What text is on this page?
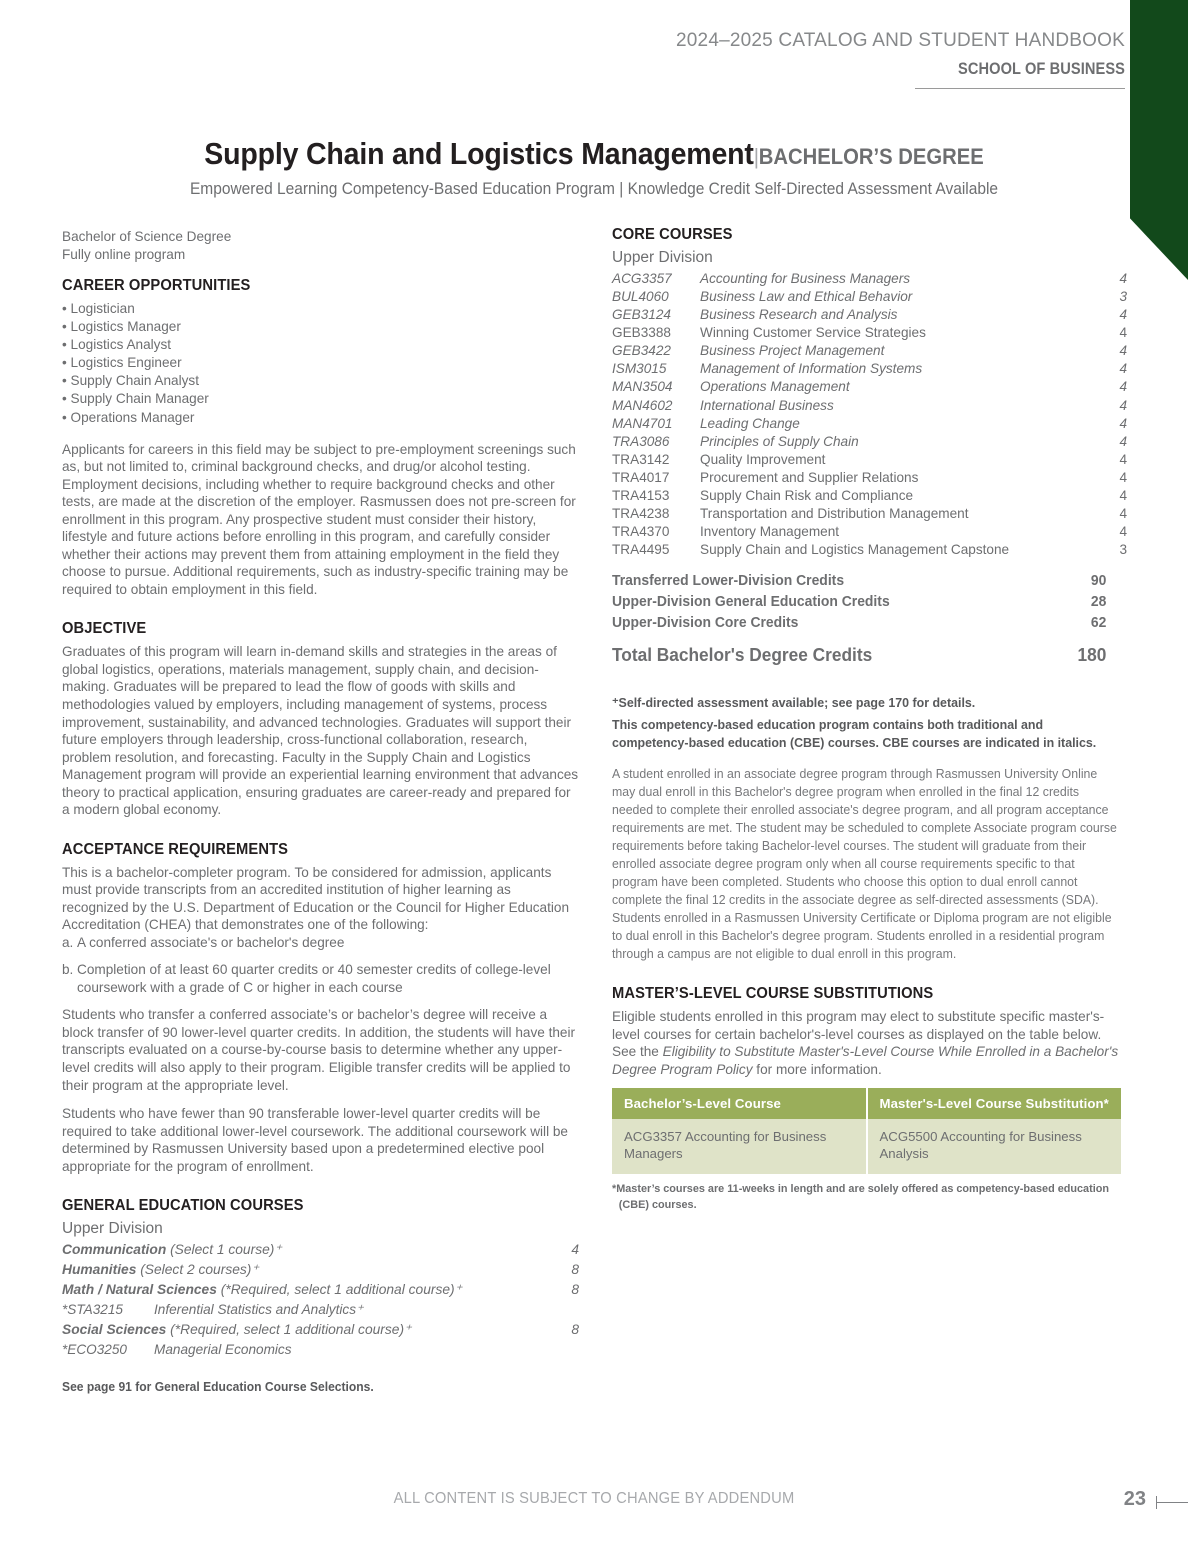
2024–2025 CATALOG AND STUDENT HANDBOOK
SCHOOL OF BUSINESS
Supply Chain and Logistics Management|BACHELOR’S DEGREE
Empowered Learning Competency-Based Education Program | Knowledge Credit Self-Directed Assessment Available
Bachelor of Science Degree
Fully online program
CAREER OPPORTUNITIES
• Logistician
• Logistics Manager
• Logistics Analyst
• Logistics Engineer
• Supply Chain Analyst
• Supply Chain Manager
• Operations Manager

Applicants for careers in this field may be subject to pre-employment screenings such as, but not limited to, criminal background checks, and drug/or alcohol testing. Employment decisions, including whether to require background checks and other tests, are made at the discretion of the employer. Rasmussen does not pre-screen for enrollment in this program. Any prospective student must consider their history, lifestyle and future actions before enrolling in this program, and carefully consider whether their actions may prevent them from attaining employment in the field they choose to pursue. Additional requirements, such as industry-specific training may be required to obtain employment in this field.

OBJECTIVE

Graduates of this program will learn in-demand skills and strategies in the areas of global logistics, operations, materials management, supply chain, and decision-making. Graduates will be prepared to lead the flow of goods with skills and methodologies valued by employers, including management of systems, process improvement, sustainability, and advanced technologies. Graduates will support their future employers through leadership, cross-functional collaboration, research, problem resolution, and forecasting. Faculty in the Supply Chain and Logistics Management program will provide an experiential learning environment that advances theory to practical application, ensuring graduates are career-ready and prepared for a modern global economy.

ACCEPTANCE REQUIREMENTS

This is a bachelor-completer program. To be considered for admission, applicants must provide transcripts from an accredited institution of higher learning as recognized by the U.S. Department of Education or the Council for Higher Education Accreditation (CHEA) that demonstrates one of the following:

a. A conferred associate's or bachelor's degree
b. Completion of at least 60 quarter credits or 40 semester credits of college-level coursework with a grade of C or higher in each course

Students who transfer a conferred associate’s or bachelor’s degree will receive a block transfer of 90 lower-level quarter credits. In addition, the students will have their transcripts evaluated on a course-by-course basis to determine whether any upper-level credits will also apply to their program. Eligible transfer credits will be applied to their program at the appropriate level.

Students who have fewer than 90 transferable lower-level quarter credits will be required to take additional lower-level coursework. The additional coursework will be determined by Rasmussen University based upon a predetermined elective pool appropriate for the program of enrollment.

GENERAL EDUCATION COURSES
Upper Division
Communication (Select 1 course)⁺	4
Humanities (Select 2 courses)⁺	8
Math / Natural Sciences (*Required, select 1 additional course)⁺	8
*STA3215	Inferential Statistics and Analytics⁺
Social Sciences (*Required, select 1 additional course)⁺	8
*ECO3250	Managerial Economics
See page 91 for General Education Course Selections.
CORE COURSES
Upper Division
ACG3357	Accounting for Business Managers	4
BUL4060	Business Law and Ethical Behavior	3
GEB3124	Business Research and Analysis	4
GEB3388	Winning Customer Service Strategies	4
GEB3422	Business Project Management	4
ISM3015	Management of Information Systems	4
MAN3504	Operations Management	4
MAN4602	International Business	4
MAN4701	Leading Change	4
TRA3086	Principles of Supply Chain	4
TRA3142	Quality Improvement	4
TRA4017	Procurement and Supplier Relations	4
TRA4153	Supply Chain Risk and Compliance	4
TRA4238	Transportation and Distribution Management	4
TRA4370	Inventory Management	4
TRA4495	Supply Chain and Logistics Management Capstone	3
Transferred Lower-Division Credits	90
Upper-Division General Education Credits	28
Upper-Division Core Credits	62
Total Bachelor's Degree Credits	180
⁺Self-directed assessment available; see page 170 for details.
This competency-based education program contains both traditional and competency-based education (CBE) courses. CBE courses are indicated in italics.
A student enrolled in an associate degree program through Rasmussen University Online may dual enroll in this Bachelor's degree program when enrolled in the final 12 credits needed to complete their enrolled associate's degree program, and all program acceptance requirements are met. The student may be scheduled to complete Associate program course requirements before taking Bachelor-level courses. The student will graduate from their enrolled associate degree program only when all course requirements specific to that program have been completed. Students who choose this option to dual enroll cannot complete the final 12 credits in the associate degree as self-directed assessments (SDA). Students enrolled in a Rasmussen University Certificate or Diploma program are not eligible to dual enroll in this Bachelor's degree program. Students enrolled in a residential program through a campus are not eligible to dual enroll in this program.
MASTER’S-LEVEL COURSE SUBSTITUTIONS
Eligible students enrolled in this program may elect to substitute specific master's-level courses for certain bachelor's-level courses as displayed on the table below. See the Eligibility to Substitute Master's-Level Course While Enrolled in a Bachelor's Degree Program Policy for more information.
Bachelor’s-Level Course	Master's-Level Course Substitution*
ACG3357 Accounting for Business Managers	ACG5500 Accounting for Business Analysis
*Master’s courses are 11-weeks in length and are solely offered as competency-based education
(CBE) courses.
ALL CONTENT IS SUBJECT TO CHANGE BY ADDENDUM	23
